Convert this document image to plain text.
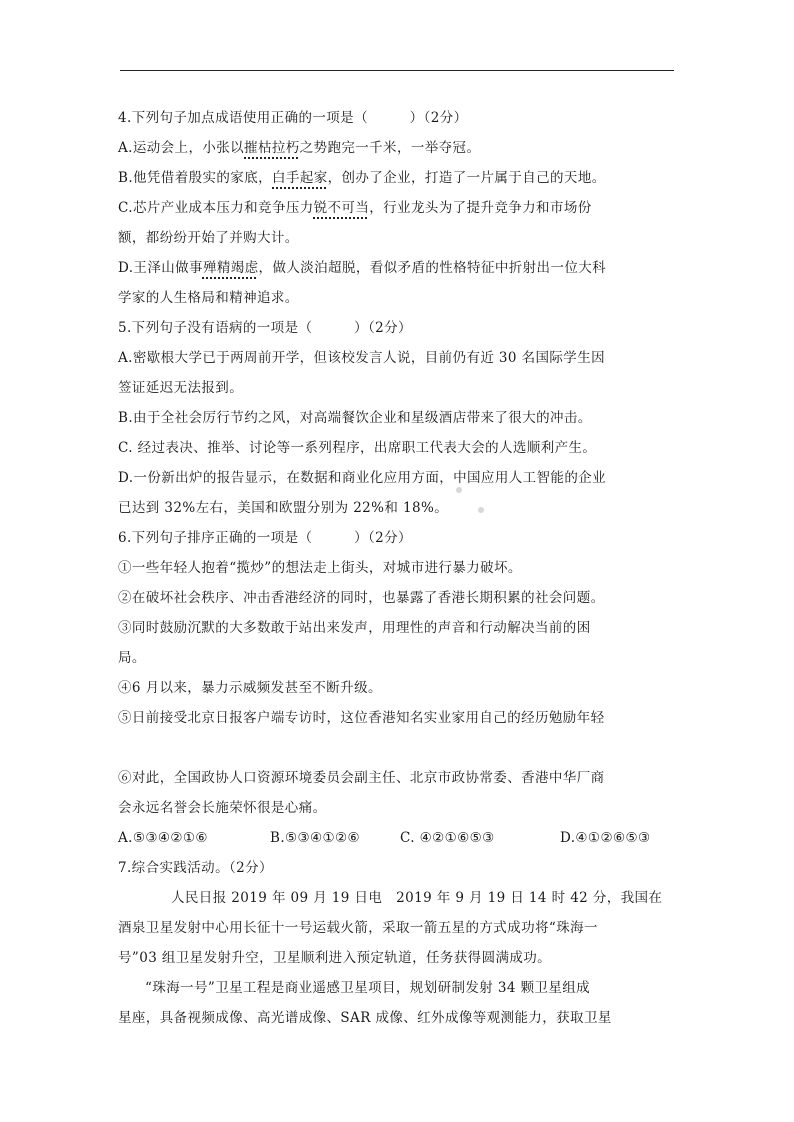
4.下列句子加点成语使用正确的一项是（　　　）（2分）
A.运动会上，小张以摧枯拉朽之势跑完一千米，一举夺冠。
B.他凭借着殷实的家底，白手起家，创办了企业，打造了一片属于自己的天地。
C.芯片产业成本压力和竞争压力锐不可当，行业龙头为了提升竞争力和市场份
额，都纷纷开始了并购大计。
D.王泽山做事殚精竭虑，做人淡泊超脱，看似矛盾的性格特征中折射出一位大科
学家的人生格局和精神追求。
5.下列句子没有语病的一项是（　　　）（2分）
A.密歇根大学已于两周前开学，但该校发言人说，目前仍有近 30 名国际学生因
签证延迟无法报到。
B.由于全社会厉行节约之风，对高端餐饮企业和星级酒店带来了很大的冲击。
C. 经过表决、推举、讨论等一系列程序，出席职工代表大会的人选顺利产生。
D.一份新出炉的报告显示，在数据和商业化应用方面，中国应用人工智能的企业
已达到 32%左右，美国和欧盟分别为 22%和 18%。
6.下列句子排序正确的一项是（　　　）（2分）
①一些年轻人抱着“揽炒”的想法走上街头，对城市进行暴力破坏。
②在破坏社会秩序、冲击香港经济的同时，也暴露了香港长期积累的社会问题。
③同时鼓励沉默的大多数敢于站出来发声，用理性的声音和行动解决当前的困
局。
④6 月以来，暴力示威频发甚至不断升级。
⑤日前接受北京日报客户端专访时，这位香港知名实业家用自己的经历勉励年轻
⑥对此，全国政协人口资源环境委员会副主任、北京市政协常委、香港中华厂商
会永远名誉会长施荣怀很是心痛。
A.⑤③④②①⑥	B.⑤③④①②⑥	C. ④②①⑥⑤③	D.④①②⑥⑤③
7.综合实践活动。（2分）
人民日报 2019 年 09 月 19 日电　2019 年 9 月 19 日 14 时 42 分，我国在
酒泉卫星发射中心用长征十一号运载火箭，采取一箭五星的方式成功将“珠海一
号”03 组卫星发射升空，卫星顺利进入预定轨道，任务获得圆满成功。
“珠海一号”卫星工程是商业遥感卫星项目，规划研制发射 34 颗卫星组成
星座，具备视频成像、高光谱成像、SAR 成像、红外成像等观测能力，获取卫星
